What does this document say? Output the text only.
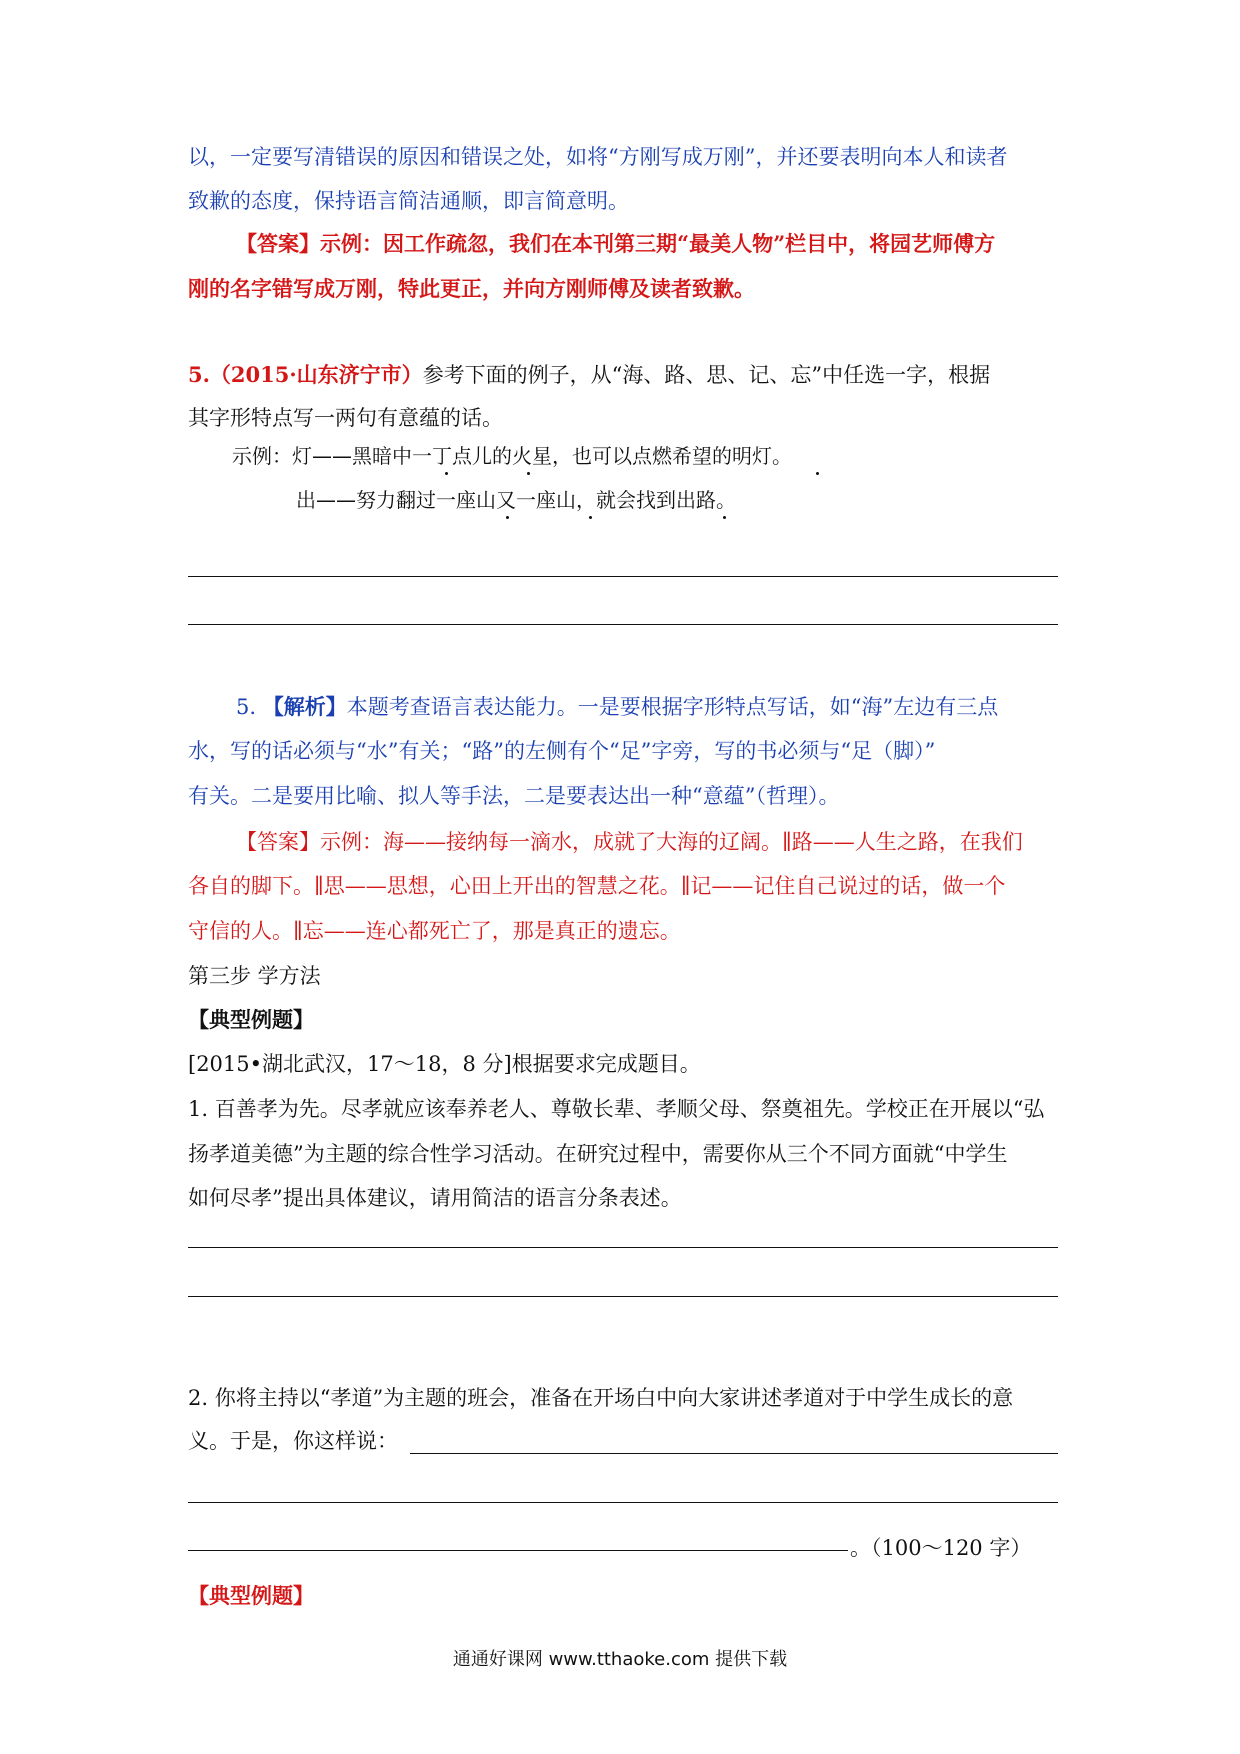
以，一定要写清错误的原因和错误之处，如将“方刚写成万刚”，并还要表明向本人和读者
致歉的态度，保持语言简洁通顺，即言简意明。
【答案】示例：因工作疏忽，我们在本刊第三期“最美人物”栏目中，将园艺师傅方
刚的名字错写成万刚，特此更正，并向方刚师傅及读者致歉。
5.（2015·山东济宁市）参考下面的例子，从“海、路、思、记、忘”中任选一字，根据
其字形特点写一两句有意蕴的话。
示例：灯——黑暗中一丁点儿的火星，也可以点燃希望的明灯。
出——努力翻过一座山又一座山，就会找到出路。
5. 【解析】本题考查语言表达能力。一是要根据字形特点写话，如“海”左边有三点
水，写的话必须与“水”有关；“路”的左侧有个“足”字旁，写的书必须与“足（脚）”
有关。二是要用比喻、拟人等手法，二是要表达出一种“意蕴”（哲理）。
【答案】示例：海——接纳每一滴水，成就了大海的辽阔。∥路——人生之路，在我们
各自的脚下。∥思——思想，心田上开出的智慧之花。∥记——记住自己说过的话，做一个
守信的人。∥忘——连心都死亡了，那是真正的遗忘。
第三步 学方法
【典型例题】
[2015•湖北武汉，17～18，8 分]根据要求完成题目。
1. 百善孝为先。尽孝就应该奉养老人、尊敬长辈、孝顺父母、祭奠祖先。学校正在开展以“弘
扬孝道美德”为主题的综合性学习活动。在研究过程中，需要你从三个不同方面就“中学生
如何尽孝”提出具体建议，请用简洁的语言分条表述。
2. 你将主持以“孝道”为主题的班会，准备在开场白中向大家讲述孝道对于中学生成长的意
义。于是，你这样说：
。（100～120 字）
【典型例题】
通通好课网 www.tthaoke.com 提供下载
